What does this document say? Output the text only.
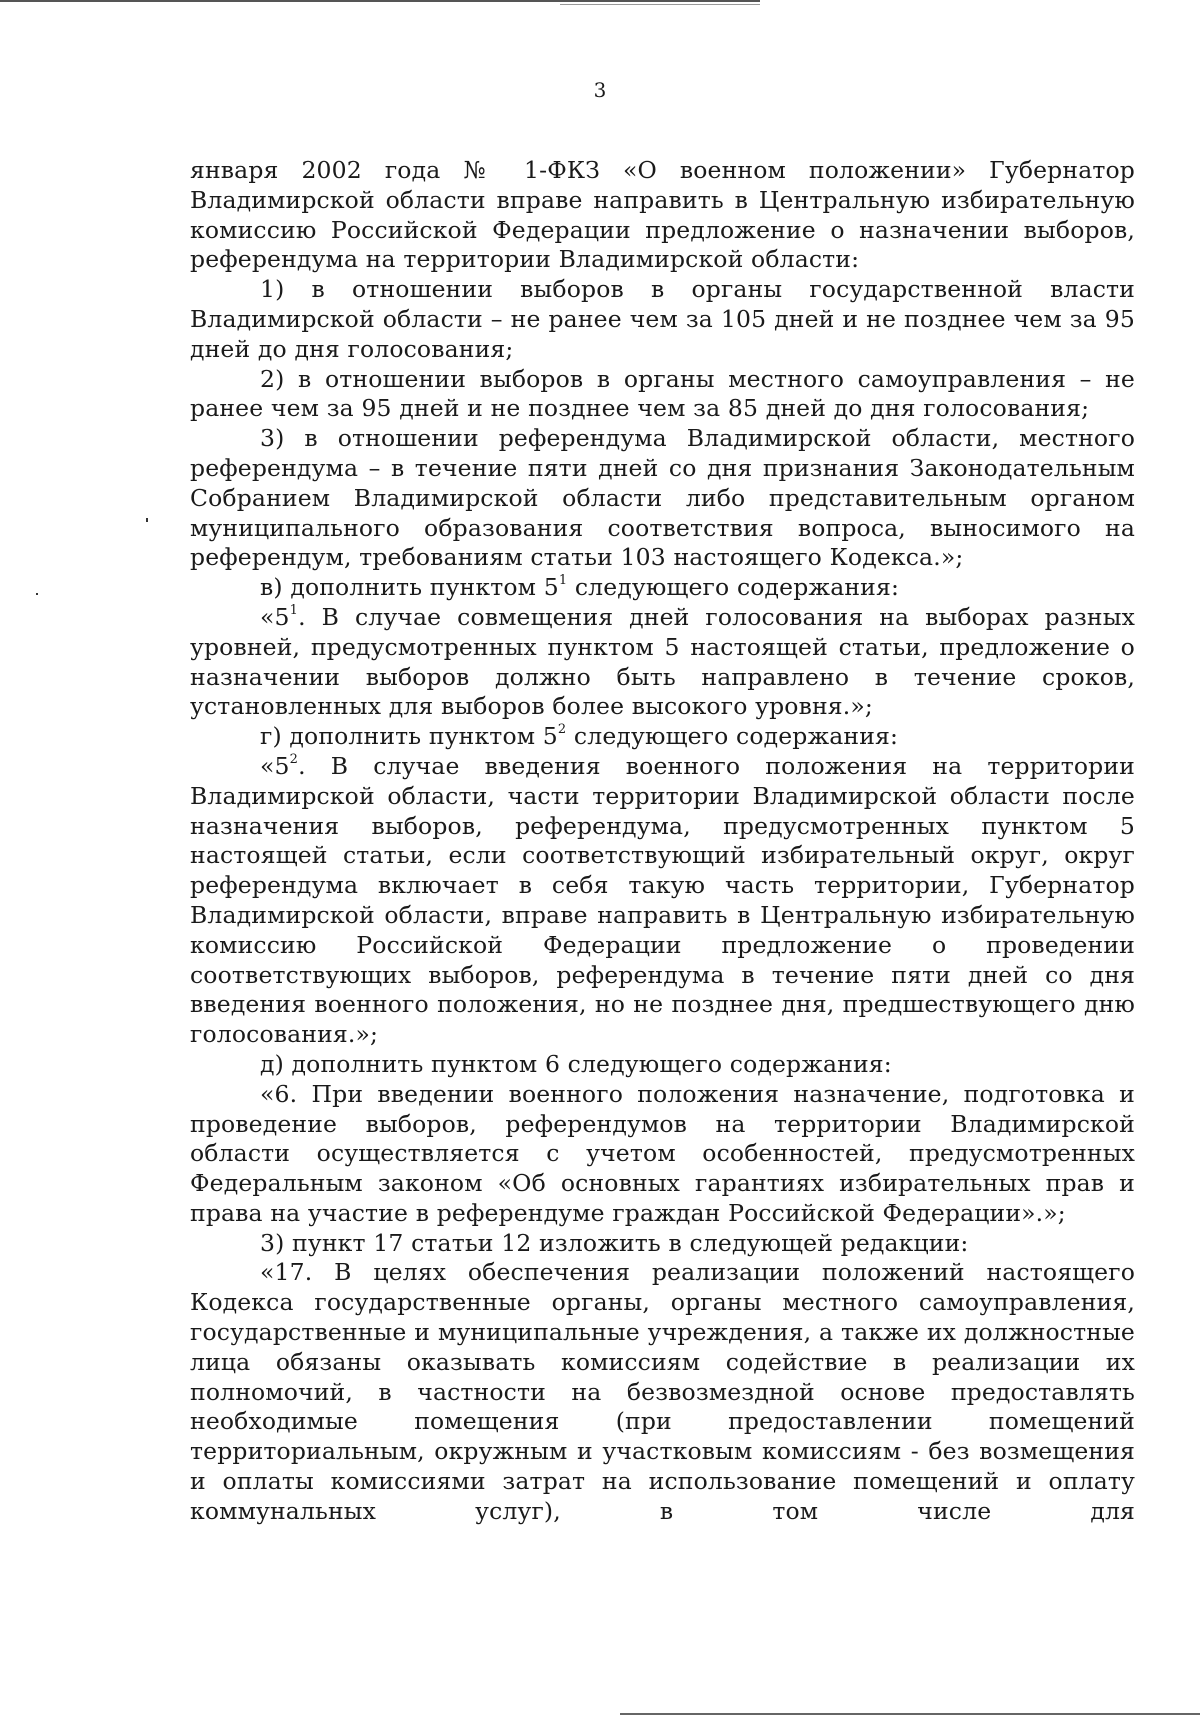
3

января 2002 года № 1-ФКЗ «О военном положении» Губернатор Владимирской области вправе направить в Центральную избирательную комиссию Российской Федерации предложение о назначении выборов, референдума на территории Владимирской области:

1) в отношении выборов в органы государственной власти Владимирской области – не ранее чем за 105 дней и не позднее чем за 95 дней до дня голосования;

2) в отношении выборов в органы местного самоуправления – не ранее чем за 95 дней и не позднее чем за 85 дней до дня голосования;

3) в отношении референдума Владимирской области, местного референдума – в течение пяти дней со дня признания Законодательным Собранием Владимирской области либо представительным органом муниципального образования соответствия вопроса, выносимого на референдум, требованиям статьи 103 настоящего Кодекса.»;

в) дополнить пунктом $5^1$ следующего содержания:

«$5^1$. В случае совмещения дней голосования на выборах разных уровней, предусмотренных пунктом 5 настоящей статьи, предложение о назначении выборов должно быть направлено в течение сроков, установленных для выборов более высокого уровня.»;

г) дополнить пунктом $5^2$ следующего содержания:

«$5^2$. В случае введения военного положения на территории Владимирской области, части территории Владимирской области после назначения выборов, референдума, предусмотренных пунктом 5 настоящей статьи, если соответствующий избирательный округ, округ референдума включает в себя такую часть территории, Губернатор Владимирской области, вправе направить в Центральную избирательную комиссию Российской Федерации предложение о проведении соответствующих выборов, референдума в течение пяти дней со дня введения военного положения, но не позднее дня, предшествующего дню голосования.»;

д) дополнить пунктом 6 следующего содержания:

«6. При введении военного положения назначение, подготовка и проведение выборов, референдумов на территории Владимирской области осуществляется с учетом особенностей, предусмотренных Федеральным законом «Об основных гарантиях избирательных прав и права на участие в референдуме граждан Российской Федерации».»;

3) пункт 17 статьи 12 изложить в следующей редакции:

«17. В целях обеспечения реализации положений настоящего Кодекса государственные органы, органы местного самоуправления, государственные и муниципальные учреждения, а также их должностные лица обязаны оказывать комиссиям содействие в реализации их полномочий, в частности на безвозмездной основе предоставлять необходимые помещения (при предоставлении помещений территориальным, окружным и участковым комиссиям - без возмещения и оплаты комиссиями затрат на использование помещений и оплату коммунальных услуг), в том числе для
